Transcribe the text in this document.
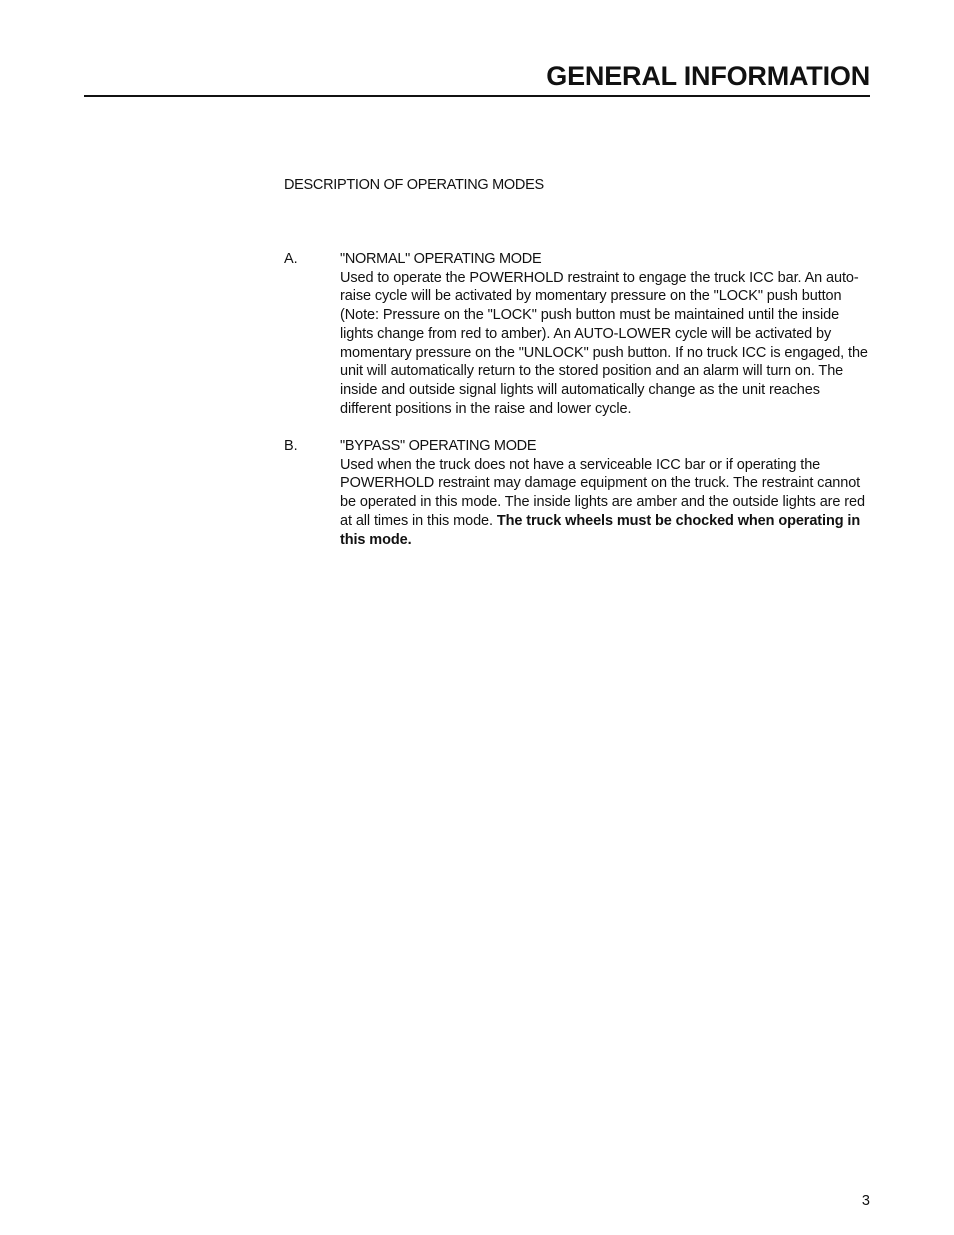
GENERAL INFORMATION
DESCRIPTION OF OPERATING MODES
A.	"NORMAL" OPERATING MODE

Used to operate the POWERHOLD restraint to engage the truck ICC bar. An auto-raise cycle will be activated by momentary pressure on the "LOCK" push button (Note: Pressure on the "LOCK" push button must be maintained until the inside lights change from red to amber). An AUTO-LOWER cycle will be activated by momentary pressure on the "UNLOCK" push button. If no truck ICC is engaged, the unit will automatically return to the stored position and an alarm will turn on. The inside and outside signal lights will automatically change as the unit reaches different positions in the raise and lower cycle.

B.	"BYPASS" OPERATING MODE

Used when the truck does not have a serviceable ICC bar or if operating the POWERHOLD restraint may damage equipment on the truck. The restraint cannot be operated in this mode. The inside lights are amber and the outside lights are red at all times in this mode. The truck wheels must be chocked when operating in this mode.

3
